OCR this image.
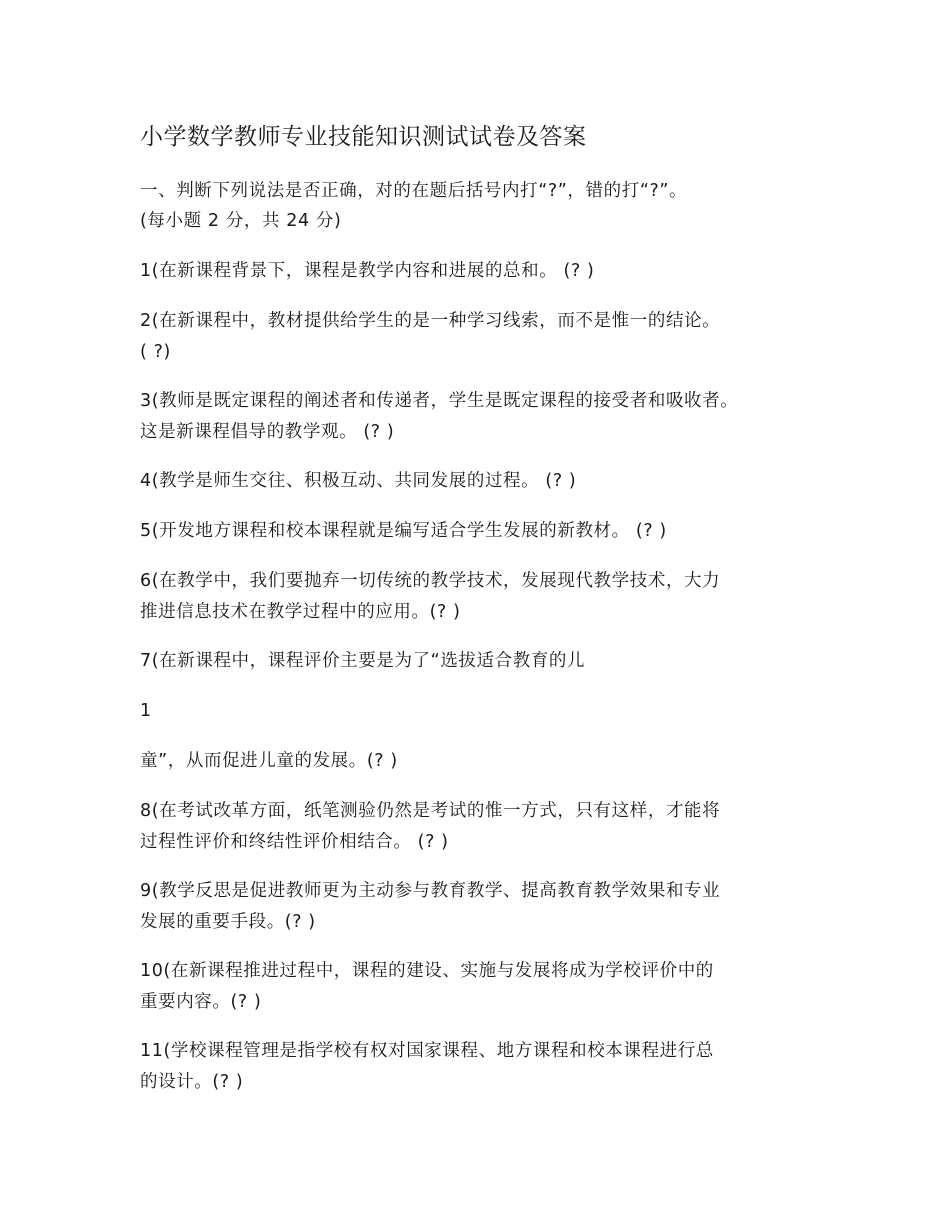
小学数学教师专业技能知识测试试卷及答案
一、判断下列说法是否正确，对的在题后括号内打“?”，错的打“?”。
(每小题 2 分，共 24 分)
1(在新课程背景下，课程是教学内容和进展的总和。 (? )
2(在新课程中，教材提供给学生的是一种学习线索，而不是惟一的结论。
( ?)
3(教师是既定课程的阐述者和传递者，学生是既定课程的接受者和吸收者。
这是新课程倡导的教学观。 (? )
4(教学是师生交往、积极互动、共同发展的过程。 (? )
5(开发地方课程和校本课程就是编写适合学生发展的新教材。 (? )
6(在教学中，我们要抛弃一切传统的教学技术，发展现代教学技术，大力
推进信息技术在教学过程中的应用。(? )
7(在新课程中，课程评价主要是为了“选拔适合教育的儿
1
童”，从而促进儿童的发展。(? )
8(在考试改革方面，纸笔测验仍然是考试的惟一方式，只有这样，才能将
过程性评价和终结性评价相结合。 (? )
9(教学反思是促进教师更为主动参与教育教学、提高教育教学效果和专业
发展的重要手段。(? )
10(在新课程推进过程中，课程的建设、实施与发展将成为学校评价中的
重要内容。(? )
11(学校课程管理是指学校有权对国家课程、地方课程和校本课程进行总
的设计。(? )
